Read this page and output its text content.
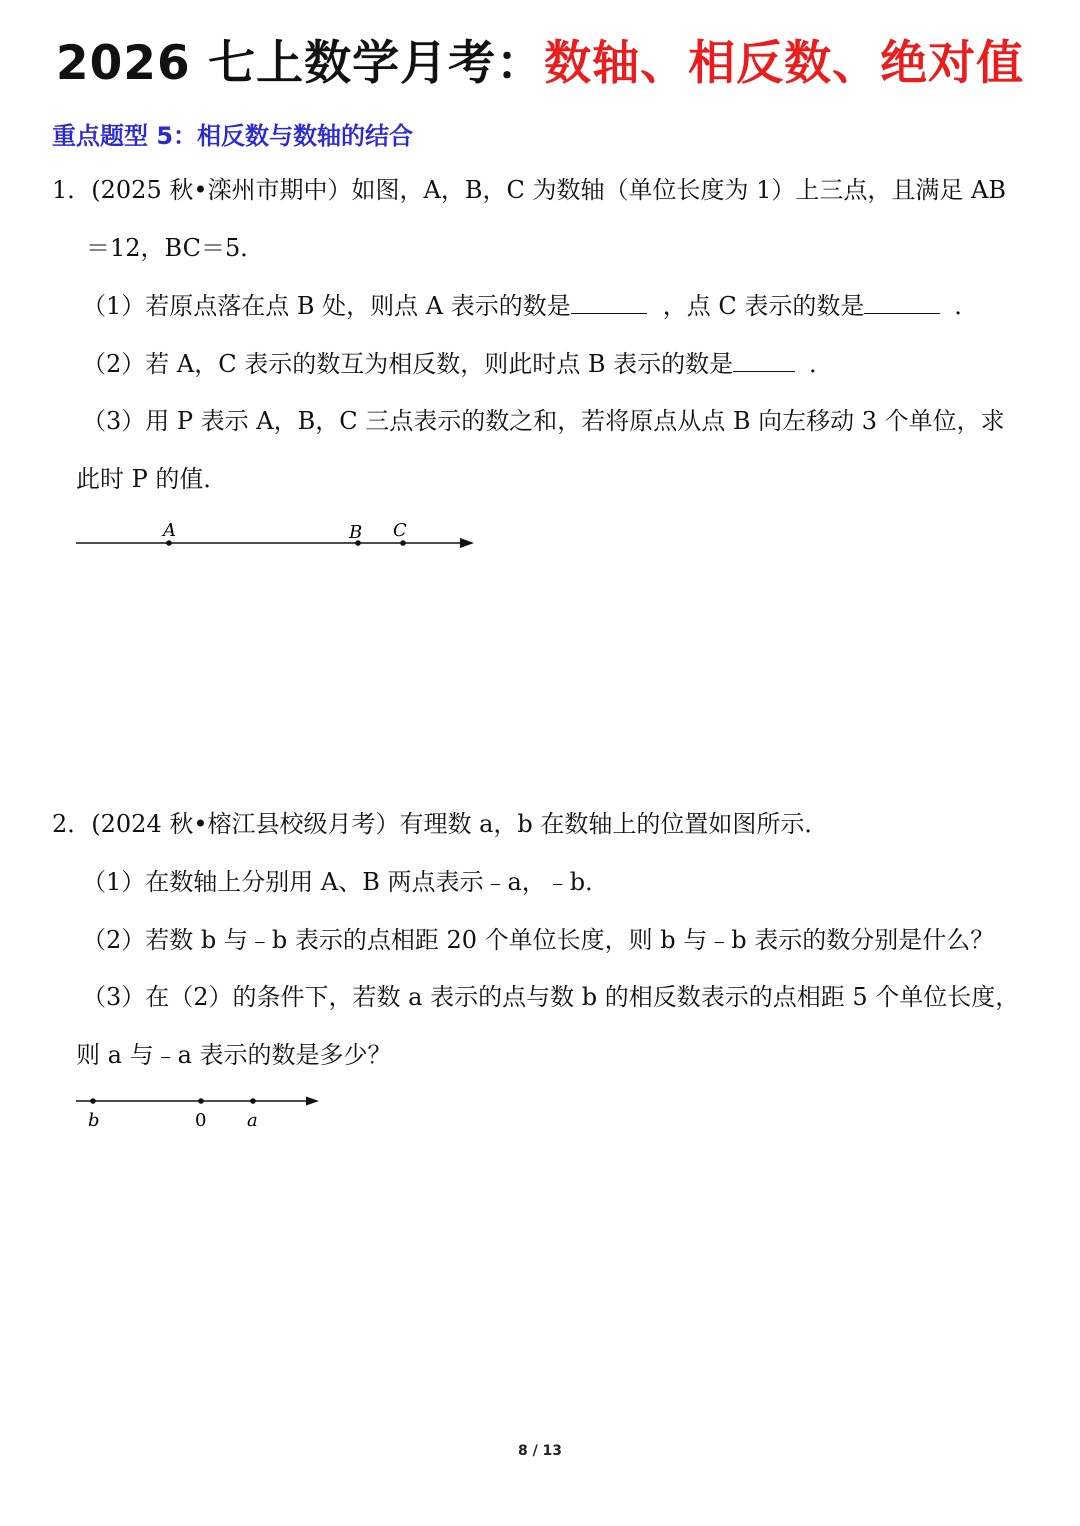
2026 七上数学月考：数轴、相反数、绝对值
重点题型 5：相反数与数轴的结合
1．(2025 秋•滦州市期中）如图，A，B，C 为数轴（单位长度为 1）上三点，且满足 AB
＝12，BC＝5．
（1）若原点落在点 B 处，则点 A 表示的数是	，点 C 表示的数是	．
（2）若 A，C 表示的数互为相反数，则此时点 B 表示的数是	．
（3）用 P 表示 A，B，C 三点表示的数之和，若将原点从点 B 向左移动 3 个单位，求
此时 P 的值．
A	B C
2．(2024 秋•榕江县校级月考）有理数 a，b 在数轴上的位置如图所示．
（1）在数轴上分别用 A、B 两点表示﹣a，﹣b．
（2）若数 b 与﹣b 表示的点相距 20 个单位长度，则 b 与﹣b 表示的数分别是什么？
（3）在（2）的条件下，若数 a 表示的点与数 b 的相反数表示的点相距 5 个单位长度，
则 a 与﹣a 表示的数是多少？
b	0 a
8 / 13
